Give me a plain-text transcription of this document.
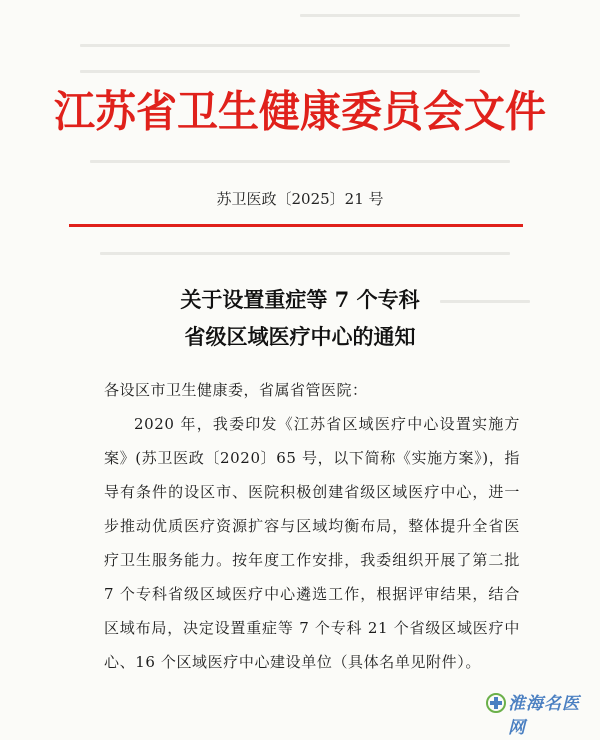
江苏省卫生健康委员会文件
苏卫医政〔2025〕21 号
关于设置重症等 7 个专科
省级区域医疗中心的通知
各设区市卫生健康委，省属省管医院：
2020 年，我委印发《江苏省区域医疗中心设置实施方案》(苏卫医政〔2020〕65 号，以下简称《实施方案》)，指导有条件的设区市、医院积极创建省级区域医疗中心，进一步推动优质医疗资源扩容与区域均衡布局，整体提升全省医疗卫生服务能力。按年度工作安排，我委组织开展了第二批 7 个专科省级区域医疗中心遴选工作，根据评审结果，结合区域布局，决定设置重症等 7 个专科 21 个省级区域医疗中心、16 个区域医疗中心建设单位（具体名单见附件）。
淮海名医网
